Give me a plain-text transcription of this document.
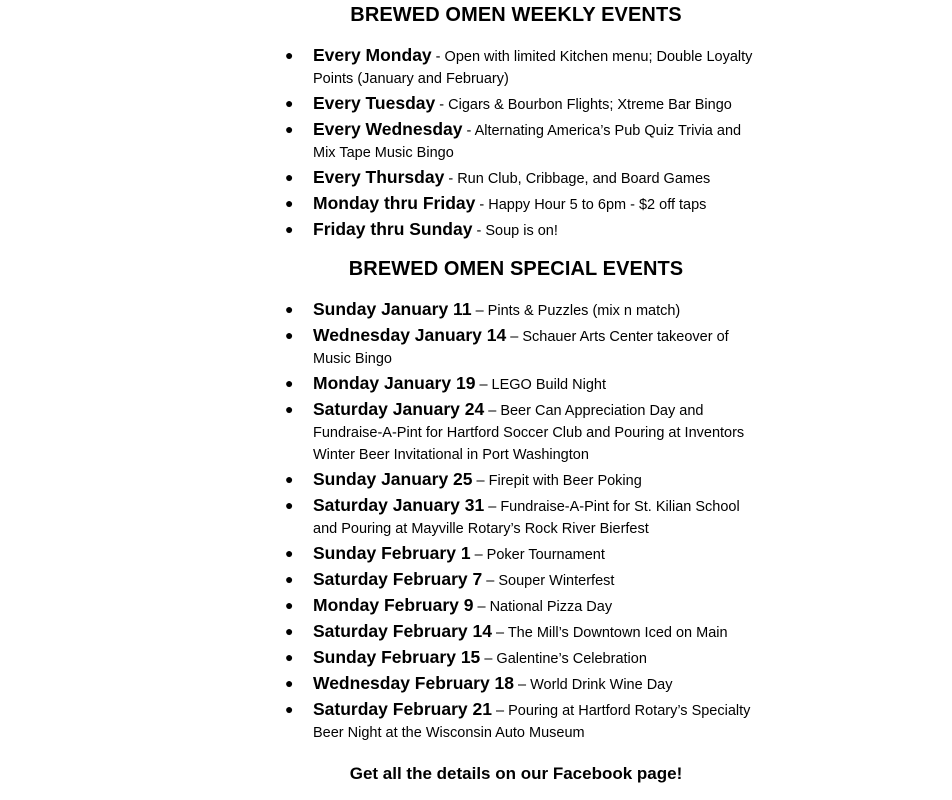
BREWED OMEN WEEKLY EVENTS
● Every Monday - Open with limited Kitchen menu; Double Loyalty Points (January and February)
● Every Tuesday - Cigars & Bourbon Flights; Xtreme Bar Bingo
● Every Wednesday - Alternating America’s Pub Quiz Trivia and Mix Tape Music Bingo
● Every Thursday - Run Club, Cribbage, and Board Games
● Monday thru Friday - Happy Hour 5 to 6pm - $2 off taps
● Friday thru Sunday - Soup is on!
BREWED OMEN SPECIAL EVENTS
● Sunday January 11 – Pints & Puzzles (mix n match)
● Wednesday January 14 – Schauer Arts Center takeover of Music Bingo
● Monday January 19 – LEGO Build Night
● Saturday January 24 – Beer Can Appreciation Day and Fundraise-A-Pint for Hartford Soccer Club and Pouring at Inventors Winter Beer Invitational in Port Washington
● Sunday January 25 – Firepit with Beer Poking
● Saturday January 31 – Fundraise-A-Pint for St. Kilian School and Pouring at Mayville Rotary’s Rock River Bierfest
● Sunday February 1 – Poker Tournament
● Saturday February 7 – Souper Winterfest
● Monday February 9 – National Pizza Day
● Saturday February 14 – The Mill’s Downtown Iced on Main
● Sunday February 15 – Galentine’s Celebration
● Wednesday February 18 – World Drink Wine Day
● Saturday February 21 – Pouring at Hartford Rotary’s Specialty Beer Night at the Wisconsin Auto Museum

Get all the details on our Facebook page!
